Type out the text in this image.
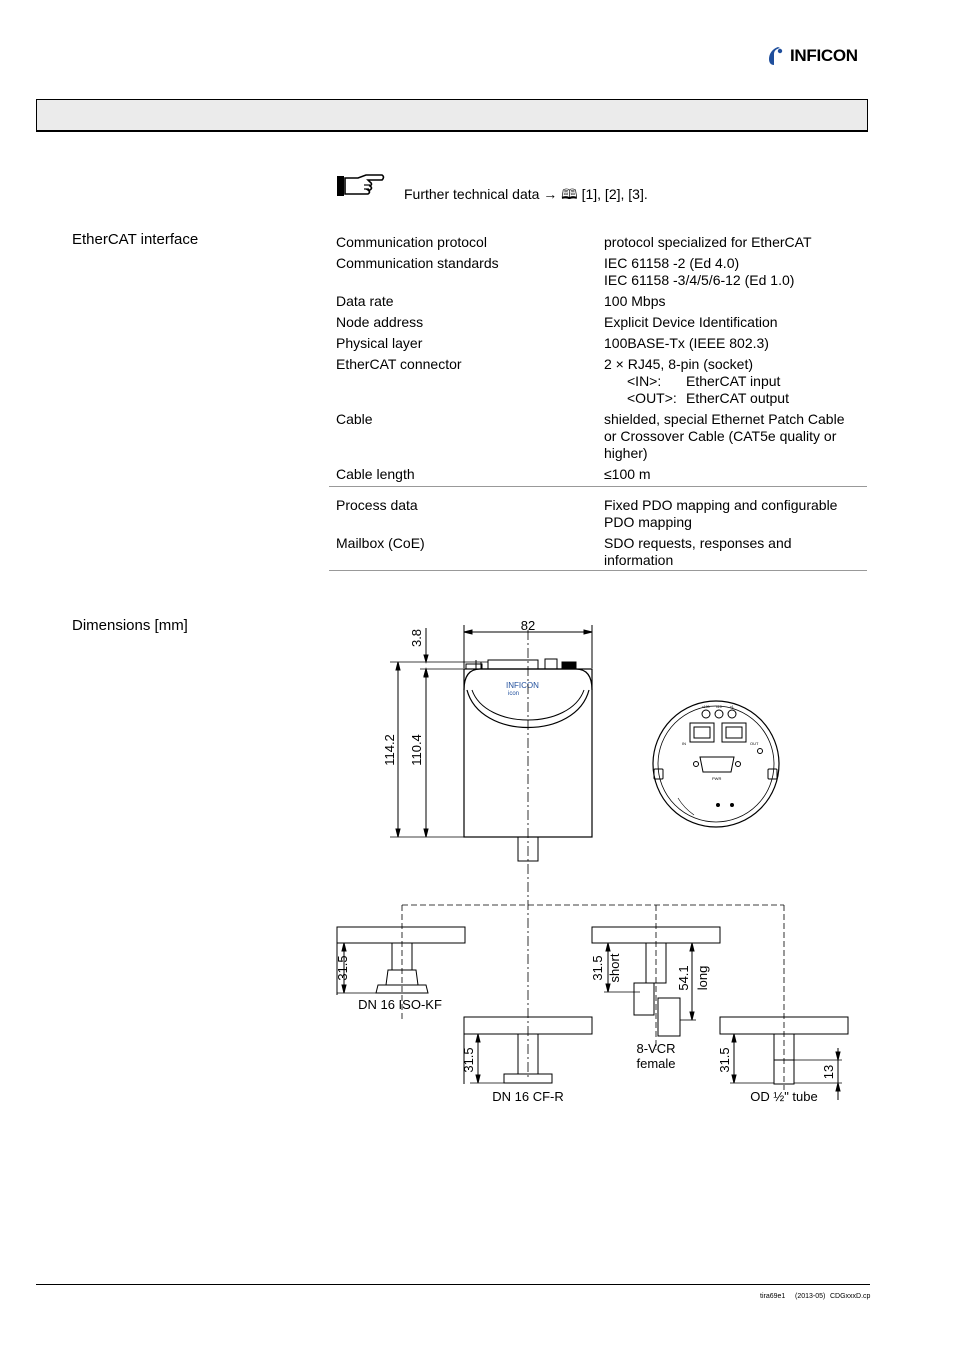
INFICON
Further technical data → 🕮 [1], [2], [3].
EtherCAT interface
Dimensions [mm]
Communication protocol	protocol specialized for EtherCAT

Communication standards	IEC 61158 -2 (Ed 4.0)
IEC 61158 -3/4/5/6-12 (Ed 1.0)

Data rate	100 Mbps

Node address	Explicit Device Identification

Physical layer	100BASE-Tx (IEEE 802.3)

EtherCAT connector	2 × RJ45, 8-pin (socket)
<IN>: EtherCAT input
<OUT>: EtherCAT output

Cable	shielded, special Ethernet Patch Cable
or Crossover Cable (CAT5e quality or
higher)

Cable length	≤100 m

Process data	Fixed PDO mapping and configurable
PDO mapping

Mailbox (CoE)	SDO requests, responses and
information
INFICON
icon
82
114.2 110.4
3.8
31.5
DN 16 ISO-KF
31.5
DN 16 CF-R
31.5 short	54.1 long
8-VCR
female	31.5	13
OD ½" tube
IN	OUT
PWR
x100 x10 x1
tira69e1 (2013-05) CDGxxxD.cp
